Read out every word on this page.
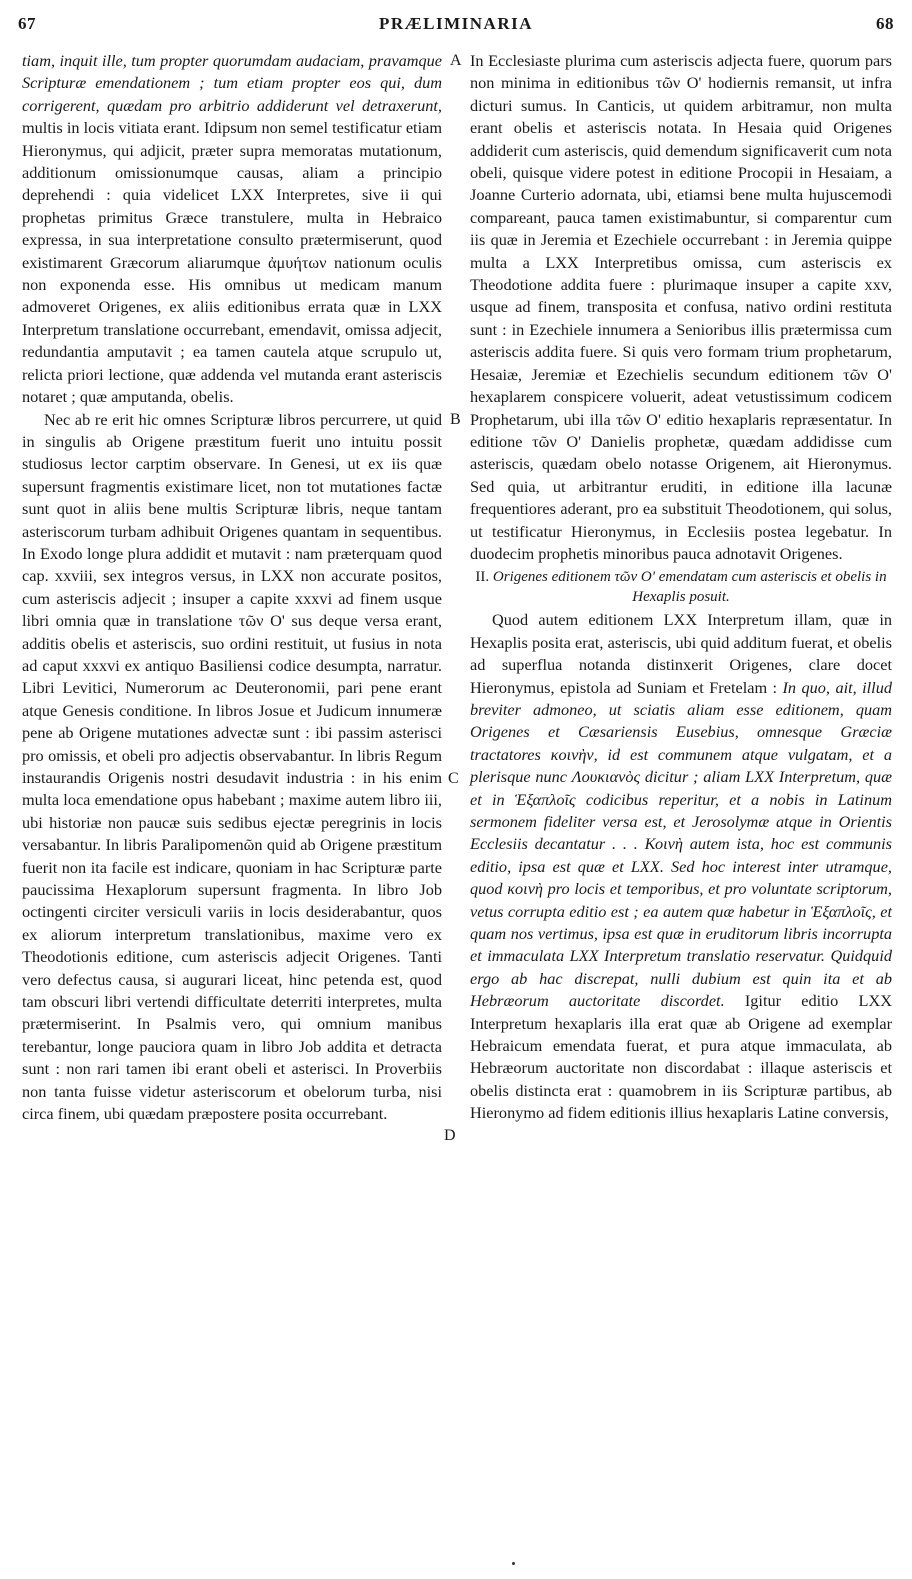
67	PRÆLIMINARIA	68

tiam, inquit ille, tum propter quorumdam audaciam, pravamque Scripturæ emendationem ; tum etiam propter eos qui, dum corrigerent, quædam pro arbitrio addiderunt vel detraxerunt, multis in locis vitiata erant. Idipsum non semel testificatur etiam Hieronymus, qui adjicit, præter supra memoratas mutationum, additionum omissionumque causas, aliam a principio deprehendi : quia videlicet LXX Interpretes, sive ii qui prophetas primitus Græce transtulere, multa in Hebraico expressa, in sua interpretatione consulto prætermiserunt, quod existimarent Græcorum aliarumque ἀμυήτων nationum oculis non exponenda esse. His omnibus ut medicam manum admoveret Origenes, ex aliis editionibus errata quæ in LXX Interpretum translatione occurrebant, emendavit, omissa adjecit, redundantia amputavit ; ea tamen cautela atque scrupulo ut, relicta priori lectione, quæ addenda vel mutanda erant asteriscis notaret ; quæ amputanda, obelis.

Nec ab re erit hic omnes Scripturæ libros percurrere, ut quid in singulis ab Origene præstitum fuerit uno intuitu possit studiosus lector carptim observare. In Genesi, ut ex iis quæ supersunt fragmentis existimare licet, non tot mutationes factæ sunt quot in aliis bene multis Scripturæ libris, neque tantam asteriscorum turbam adhibuit Origenes quantam in sequentibus. In Exodo longe plura addidit et mutavit : nam præterquam quod cap. xxviii, sex integros versus, in LXX non accurate positos, cum asteriscis adjecit ; insuper a capite xxxvi ad finem usque libri omnia quæ in translatione τῶν Ο' sus deque versa erant, additis obelis et asteriscis, suo ordini restituit, ut fusius in nota ad caput xxxvi ex antiquo Basiliensi codice desumpta, narratur. Libri Levitici, Numerorum ac Deuteronomii, pari pene erant atque Genesis conditione. In libros Josue et Judicum innumeræ pene ab Origene mutationes advectæ sunt : ibi passim asterisci pro omissis, et obeli pro adjectis observabantur. In libris Regum instaurandis Origenis nostri desudavit industria : in his enim multa loca emendatione opus habebant ; maxime autem libro iii, ubi historiæ non paucæ suis sedibus ejectæ peregrinis in locis versabantur. In libris Paralipomenῶn quid ab Origene præstitum fuerit non ita facile est indicare, quoniam in hac Scripturæ parte paucissima Hexaplorum supersunt fragmenta. In libro Job octingenti circiter versiculi variis in locis desiderabantur, quos ex aliorum interpretum translationibus, maxime vero ex Theodotionis editione, cum asteriscis adjecit Origenes. Tanti vero defectus causa, si augurari liceat, hinc petenda est, quod tam obscuri libri vertendi difficultate deterriti interpretes, multa prætermiserint. In Psalmis vero, qui omnium manibus terebantur, longe pauciora quam in libro Job addita et detracta sunt : non rari tamen ibi erant obeli et asterisci. In Proverbiis non tanta fuisse videtur asteriscorum et obelorum turba, nisi circa finem, ubi quædam præpostere posita occurrebant.

A
B
C
D

In Ecclesiaste plurima cum asteriscis adjecta fuere, quorum pars non minima in editionibus τῶν Ο' hodiernis remansit, ut infra dicturi sumus. In Canticis, ut quidem arbitramur, non multa erant obelis et asteriscis notata. In Hesaia quid Origenes addiderit cum asteriscis, quid demendum significaverit cum nota obeli, quisque videre potest in editione Procopii in Hesaiam, a Joanne Curterio adornata, ubi, etiamsi bene multa hujuscemodi compareant, pauca tamen existimabuntur, si comparentur cum iis quæ in Jeremia et Ezechiele occurrebant : in Jeremia quippe multa a LXX Interpretibus omissa, cum asteriscis ex Theodotione addita fuere : plurimaque insuper a capite xxv, usque ad finem, transposita et confusa, nativo ordini restituta sunt : in Ezechiele innumera a Senioribus illis prætermissa cum asteriscis addita fuere. Si quis vero formam trium prophetarum, Hesaiæ, Jeremiæ et Ezechielis secundum editionem τῶν Ο' hexaplarem conspicere voluerit, adeat vetustissimum codicem Prophetarum, ubi illa τῶν Ο' editio hexaplaris repræsentatur. In editione τῶν Ο' Danielis prophetæ, quædam addidisse cum asteriscis, quædam obelo notasse Origenem, ait Hieronymus. Sed quia, ut arbitrantur eruditi, in editione illa lacunæ frequentiores aderant, pro ea substituit Theodotionem, qui solus, ut testificatur Hieronymus, in Ecclesiis postea legebatur. In duodecim prophetis minoribus pauca adnotavit Origenes.

II. Origenes editionem τῶν Ο' emendatam cum asteriscis et obelis in Hexaplis posuit.

Quod autem editionem LXX Interpretum illam, quæ in Hexaplis posita erat, asteriscis, ubi quid additum fuerat, et obelis ad superflua notanda distinxerit Origenes, clare docet Hieronymus, epistola ad Suniam et Fretelam : In quo, ait, illud breviter admoneo, ut sciatis aliam esse editionem, quam Origenes et Cæsariensis Eusebius, omnesque Græciæ tractatores κοινὴν, id est communem atque vulgatam, et a plerisque nunc Λουκιανὸς dicitur ; aliam LXX Interpretum, quæ et in Ἑξαπλοῖς codicibus reperitur, et a nobis in Latinum sermonem fideliter versa est, et Jerosolymæ atque in Orientis Ecclesiis decantatur . . . Κοινὴ autem ista, hoc est communis editio, ipsa est quæ et LXX. Sed hoc interest inter utramque, quod κοινὴ pro locis et temporibus, et pro voluntate scriptorum, vetus corrupta editio est ; ea autem quæ habetur in Ἑξαπλοῖς, et quam nos vertimus, ipsa est quæ in eruditorum libris incorrupta et immaculata LXX Interpretum translatio reservatur. Quidquid ergo ab hac discrepat, nulli dubium est quin ita et ab Hebræorum auctoritate discordet. Igitur editio LXX Interpretum hexaplaris illa erat quæ ab Origene ad exemplar Hebraicum emendata fuerat, et pura atque immaculata, ab Hebræorum auctoritate non discordabat : illaque asteriscis et obelis distincta erat : quamobrem in iis Scripturæ partibus, ab Hieronymo ad fidem editionis illius hexaplaris Latine conversis,
